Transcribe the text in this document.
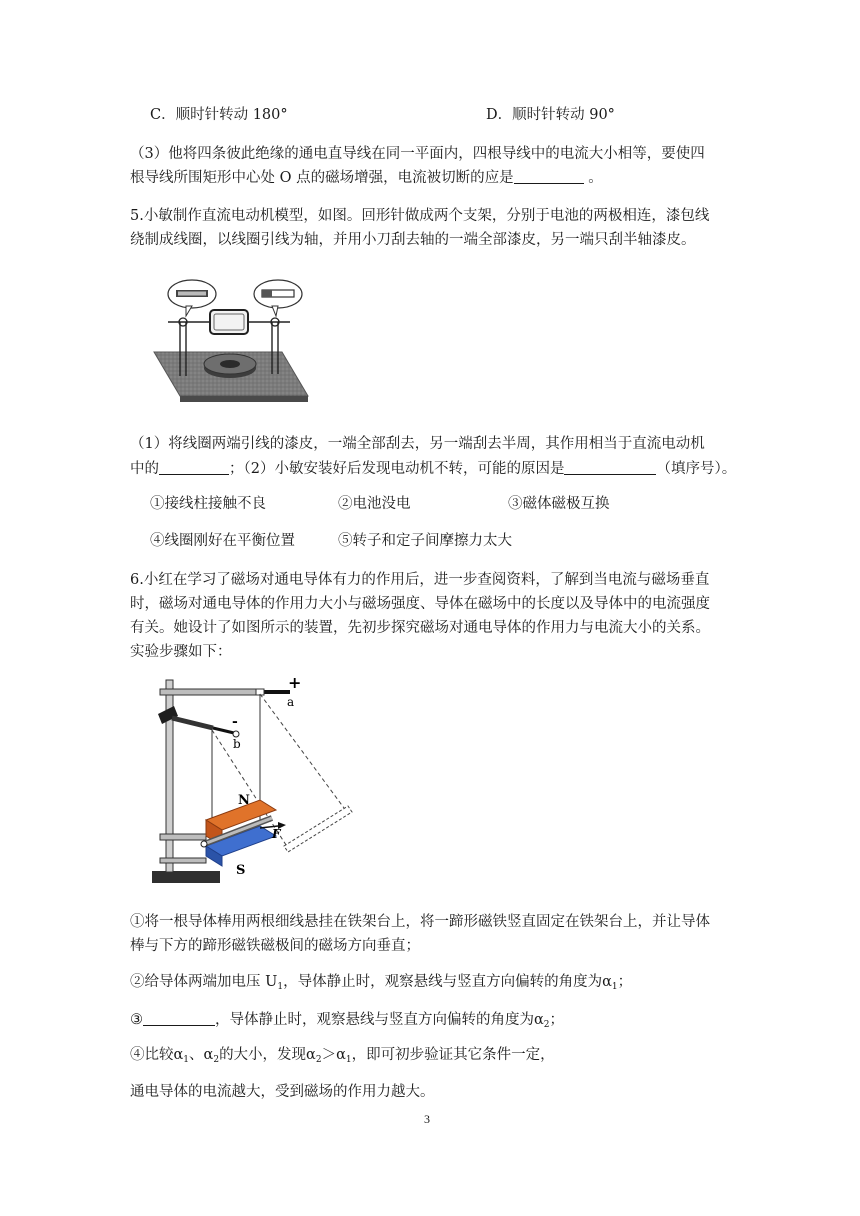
C．顺时针转动 180°	D．顺时针转动 90°
（3）他将四条彼此绝缘的通电直导线在同一平面内，四根导线中的电流大小相等，要使四
根导线所围矩形中心处 O 点的磁场增强，电流被切断的应是	。
5.小敏制作直流电动机模型，如图。回形针做成两个支架，分别于电池的两极相连，漆包线
绕制成线圈，以线圈引线为轴，并用小刀刮去轴的一端全部漆皮，另一端只刮半轴漆皮。
（1）将线圈两端引线的漆皮，一端全部刮去，另一端刮去半周，其作用相当于直流电动机
中的	；（2）小敏安装好后发现电动机不转，可能的原因是	（填序号）。
①接线柱接触不良	②电池没电	③磁体磁极互换
④线圈刚好在平衡位置	⑤转子和定子间摩擦力太大
6.小红在学习了磁场对通电导体有力的作用后，进一步查阅资料，了解到当电流与磁场垂直
时，磁场对通电导体的作用力大小与磁场强度、导体在磁场中的长度以及导体中的电流强度
有关。她设计了如图所示的装置，先初步探究磁场对通电导体的作用力与电流大小的关系。
实验步骤如下：
+
a
-
b
N
F
S
①将一根导体棒用两根细线悬挂在铁架台上，将一蹄形磁铁竖直固定在铁架台上，并让导体
棒与下方的蹄形磁铁磁极间的磁场方向垂直；
②给导体两端加电压 $U_1$，导体静止时，观察悬线与竖直方向偏转的角度为$\alpha_1$；
③	，导体静止时，观察悬线与竖直方向偏转的角度为$\alpha_2$；
④比较$\alpha_1$、$\alpha_2$的大小，发现$\alpha_2>\alpha_1$，即可初步验证其它条件一定，
通电导体的电流越大，受到磁场的作用力越大。
3
